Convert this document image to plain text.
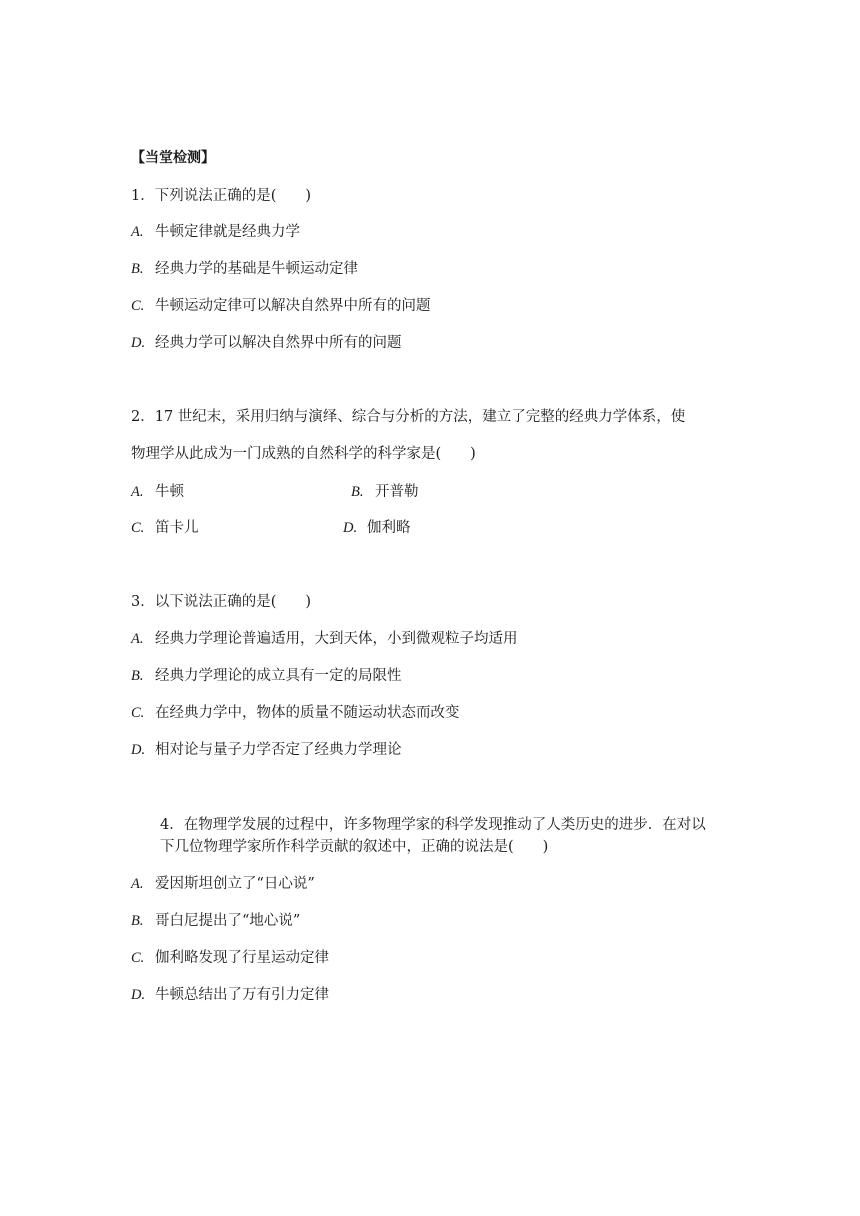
【当堂检测】
1．下列说法正确的是(　　)
A. 牛顿定律就是经典力学
B. 经典力学的基础是牛顿运动定律
C. 牛顿运动定律可以解决自然界中所有的问题
D. 经典力学可以解决自然界中所有的问题
2．17 世纪末，采用归纳与演绎、综合与分析的方法，建立了完整的经典力学体系，使
物理学从此成为一门成熟的自然科学的科学家是(　　)
A. 牛顿	B. 开普勒
C. 笛卡儿	D. 伽利略
3．以下说法正确的是(　　)
A. 经典力学理论普遍适用，大到天体，小到微观粒子均适用
B. 经典力学理论的成立具有一定的局限性
C. 在经典力学中，物体的质量不随运动状态而改变
D. 相对论与量子力学否定了经典力学理论
4．在物理学发展的过程中，许多物理学家的科学发现推动了人类历史的进步．在对以
下几位物理学家所作科学贡献的叙述中，正确的说法是(　　)
A. 爱因斯坦创立了“日心说”
B. 哥白尼提出了“地心说”
C. 伽利略发现了行星运动定律
D. 牛顿总结出了万有引力定律
